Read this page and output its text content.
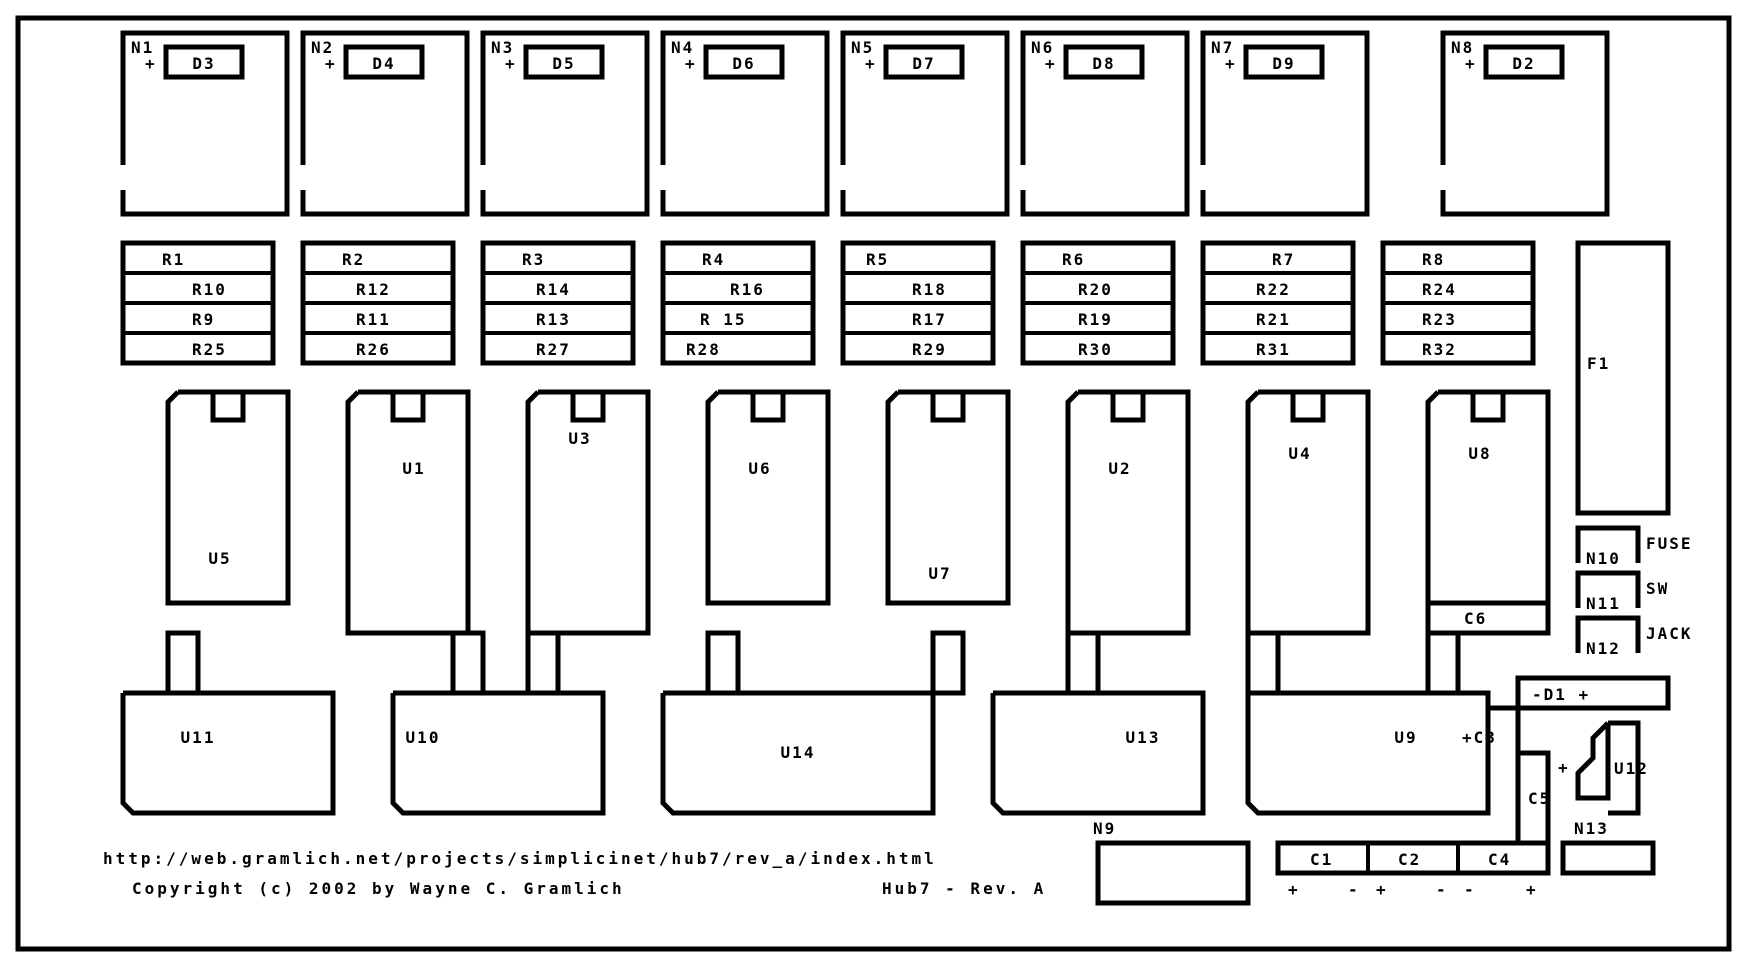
N1
+ D3
N2
+ D4
N3
+ D5
N4
+ D6
N5
+ D7
N6
+ D8
N7
+ D9
N8
+ D2
R1
R10
R9
R25
R2
R12
R11
R26
R3
R14
R13
R27
R4
R16
R 15
R28
R5
R18
R17
R29
R6
R20
R19
R30
R7
R22
R21
R31
R8
R24
R23
R32
U5
U1
U3
U6
U7
U2
U4	U8
U11	U10
U14
U13	U9
F1
N10
FUSE
N11
SW
N12
JACK
C6
-D1 +
+C3
C5
+	U12
N13
N9
C1	C2	C4
+	- +	- -	+
http://web.gramlich.net/projects/simplicinet/hub7/rev_a/index.html
Copyright (c) 2002 by Wayne C. Gramlich	Hub7 - Rev. A
